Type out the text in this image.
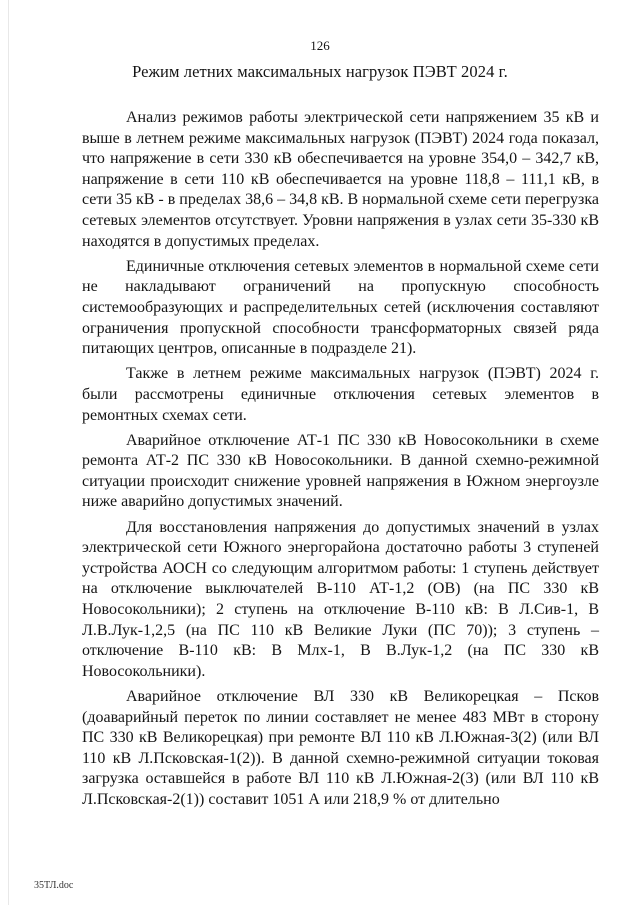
126
Режим летних максимальных нагрузок ПЭВТ 2024 г.

Анализ режимов работы электрической сети напряжением 35 кВ и выше в летнем режиме максимальных нагрузок (ПЭВТ) 2024 года показал, что напряжение в сети 330 кВ обеспечивается на уровне 354,0 – 342,7 кВ, напряжение в сети 110 кВ обеспечивается на уровне 118,8 – 111,1 кВ, в сети 35 кВ - в пределах 38,6 – 34,8 кВ. В нормальной схеме сети перегрузка сетевых элементов отсутствует. Уровни напряжения в узлах сети 35-330 кВ находятся в допустимых пределах.

Единичные отключения сетевых элементов в нормальной схеме сети не накладывают ограничений на пропускную способность системообразующих и распределительных сетей (исключения составляют ограничения пропускной способности трансформаторных связей ряда питающих центров, описанные в подразделе 21).

Также в летнем режиме максимальных нагрузок (ПЭВТ) 2024 г. были рассмотрены единичные отключения сетевых элементов в ремонтных схемах сети.

Аварийное отключение АТ-1 ПС 330 кВ Новосокольники в схеме ремонта АТ-2 ПС 330 кВ Новосокольники. В данной схемно-режимной ситуации происходит снижение уровней напряжения в Южном энергоузле ниже аварийно допустимых значений.

Для восстановления напряжения до допустимых значений в узлах электрической сети Южного энергорайона достаточно работы 3 ступеней устройства АОСН со следующим алгоритмом работы: 1 ступень действует на отключение выключателей В-110 АТ-1,2 (ОВ) (на ПС 330 кВ Новосокольники); 2 ступень на отключение В-110 кВ: В Л.Сив-1, В Л.В.Лук-1,2,5 (на ПС 110 кВ Великие Луки (ПС 70)); 3 ступень – отключение В-110 кВ: В Млх-1, В В.Лук-1,2 (на ПС 330 кВ Новосокольники).

Аварийное отключение ВЛ 330 кВ Великорецкая – Псков (доаварийный переток по линии составляет не менее 483 МВт в сторону ПС 330 кВ Великорецкая) при ремонте ВЛ 110 кВ Л.Южная-3(2) (или ВЛ 110 кВ Л.Псковская-1(2)). В данной схемно-режимной ситуации токовая загрузка оставшейся в работе ВЛ 110 кВ Л.Южная-2(3) (или ВЛ 110 кВ Л.Псковская-2(1)) составит 1051 А или 218,9 % от длительно

35ТЛ.doc
